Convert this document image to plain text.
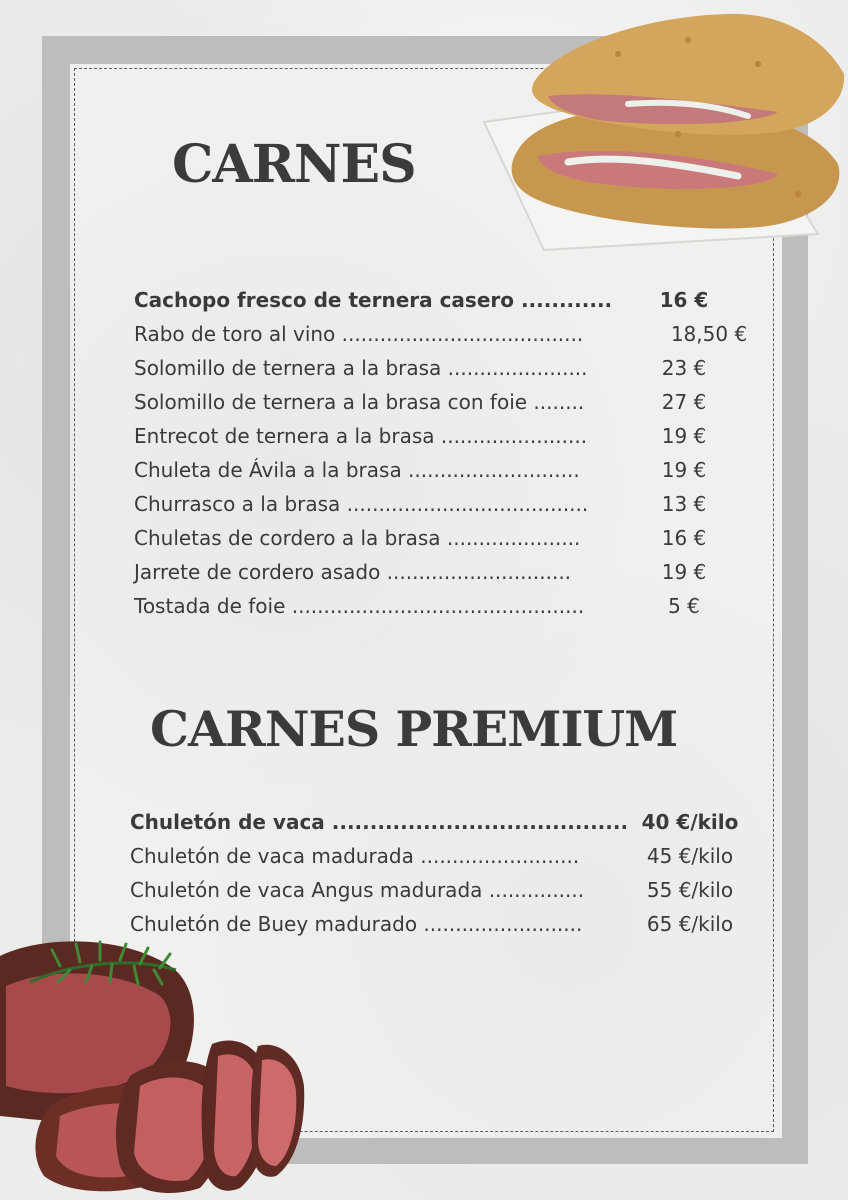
CARNES
Cachopo fresco de ternera casero ............	16 €
Rabo de toro al vino ......................................	18,50 €
Solomillo de ternera a la brasa ......................	23 €
Solomillo de ternera a la brasa con foie ........	27 €
Entrecot de ternera a la brasa .......................	19 €
Chuleta de Ávila a la brasa ...........................	19 €
Churrasco a la brasa ......................................	13 €
Chuletas de cordero a la brasa .....................	16 €
Jarrete de cordero asado .............................	19 €
Tostada de foie ..............................................	5 €
CARNES PREMIUM
Chuletón de vaca ....................................... 40 €/kilo
Chuletón de vaca madurada .........................	45 €/kilo
Chuletón de vaca Angus madurada ...............	55 €/kilo
Chuletón de Buey madurado .........................	65 €/kilo
